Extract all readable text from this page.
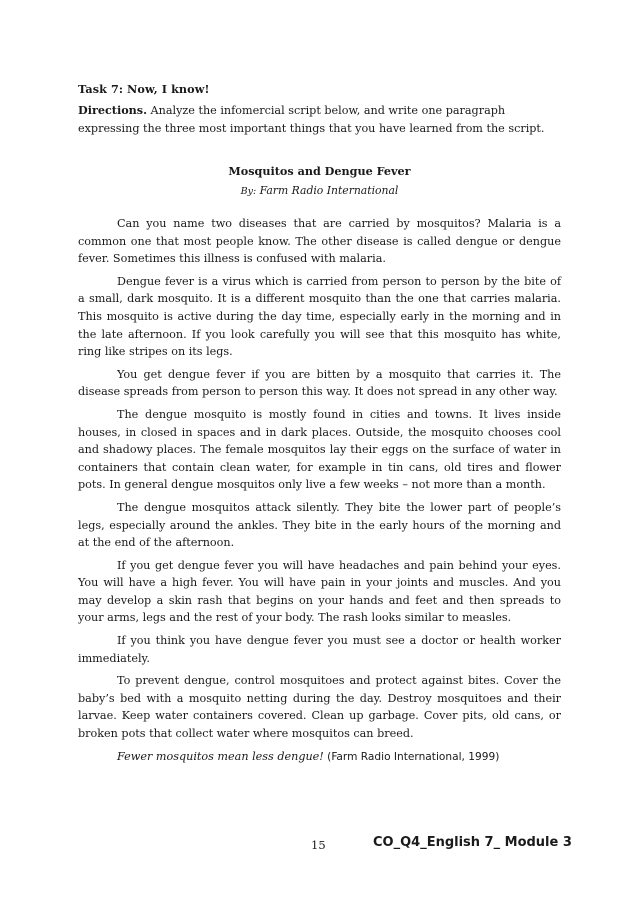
Task 7: Now, I know!

Directions. Analyze the infomercial script below, and write one paragraph expressing the three most important things that you have learned from the script.

Mosquitos and Dengue Fever

By: Farm Radio International

Can you name two diseases that are carried by mosquitos? Malaria is a common one that most people know. The other disease is called dengue or dengue fever. Sometimes this illness is confused with malaria.

Dengue fever is a virus which is carried from person to person by the bite of a small, dark mosquito. It is a different mosquito than the one that carries malaria. This mosquito is active during the day time, especially early in the morning and in the late afternoon. If you look carefully you will see that this mosquito has white, ring like stripes on its legs.

You get dengue fever if you are bitten by a mosquito that carries it. The disease spreads from person to person this way. It does not spread in any other way.

The dengue mosquito is mostly found in cities and towns. It lives inside houses, in closed in spaces and in dark places. Outside, the mosquito chooses cool and shadowy places. The female mosquitos lay their eggs on the surface of water in containers that contain clean water, for example in tin cans, old tires and flower pots. In general dengue mosquitos only live a few weeks – not more than a month.

The dengue mosquitos attack silently. They bite the lower part of people’s legs, especially around the ankles. They bite in the early hours of the morning and at the end of the afternoon.

If you get dengue fever you will have headaches and pain behind your eyes. You will have a high fever. You will have pain in your joints and muscles. And you may develop a skin rash that begins on your hands and feet and then spreads to your arms, legs and the rest of your body. The rash looks similar to measles.

If you think you have dengue fever you must see a doctor or health worker immediately.

To prevent dengue, control mosquitoes and protect against bites. Cover the baby’s bed with a mosquito netting during the day. Destroy mosquitoes and their larvae. Keep water containers covered. Clean up garbage. Cover pits, old cans, or broken pots that collect water where mosquitos can breed.

Fewer mosquitos mean less dengue! (Farm Radio International, 1999)

15	CO_Q4_English 7_ Module 3
